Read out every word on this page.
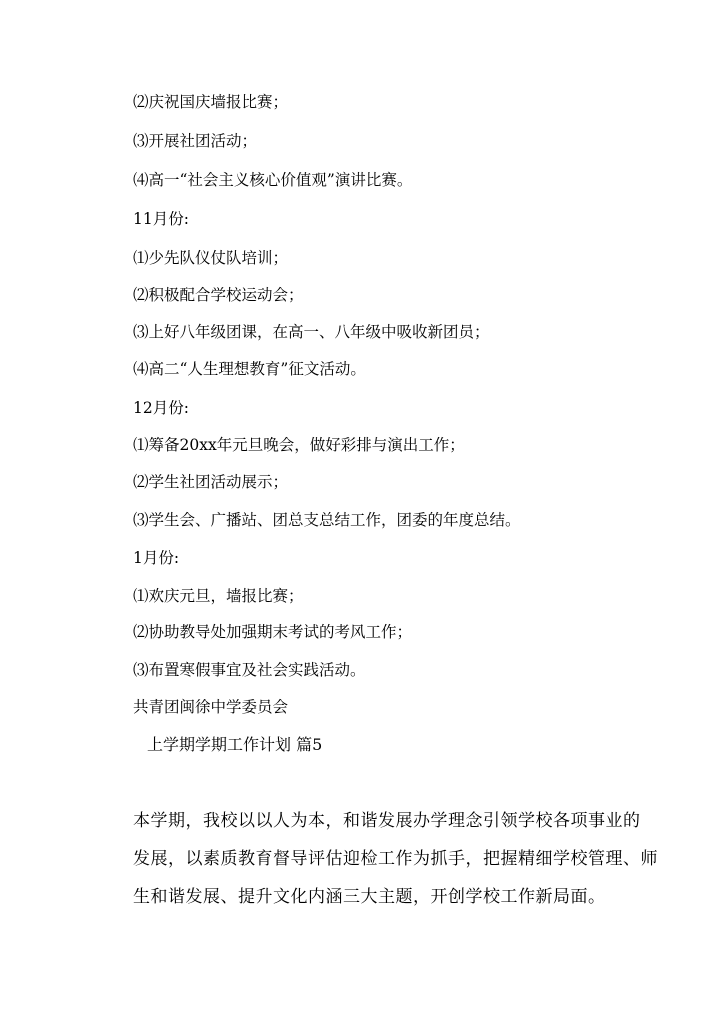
⑵庆祝国庆墙报比赛；
⑶开展社团活动；
⑷高一“社会主义核心价值观”演讲比赛。
11月份:
⑴少先队仪仗队培训；
⑵积极配合学校运动会；
⑶上好八年级团课，在高一、八年级中吸收新团员；
⑷高二“人生理想教育”征文活动。
12月份:
⑴筹备20xx年元旦晚会，做好彩排与演出工作；
⑵学生社团活动展示；
⑶学生会、广播站、团总支总结工作，团委的年度总结。
1月份:
⑴欢庆元旦，墙报比赛；
⑵协助教导处加强期末考试的考风工作；
⑶布置寒假事宜及社会实践活动。
共青团闽徐中学委员会
上学期学期工作计划 篇5
本学期，我校以以人为本，和谐发展办学理念引领学校各项事业的
发展，以素质教育督导评估迎检工作为抓手，把握精细学校管理、师
生和谐发展、提升文化内涵三大主题，开创学校工作新局面。
